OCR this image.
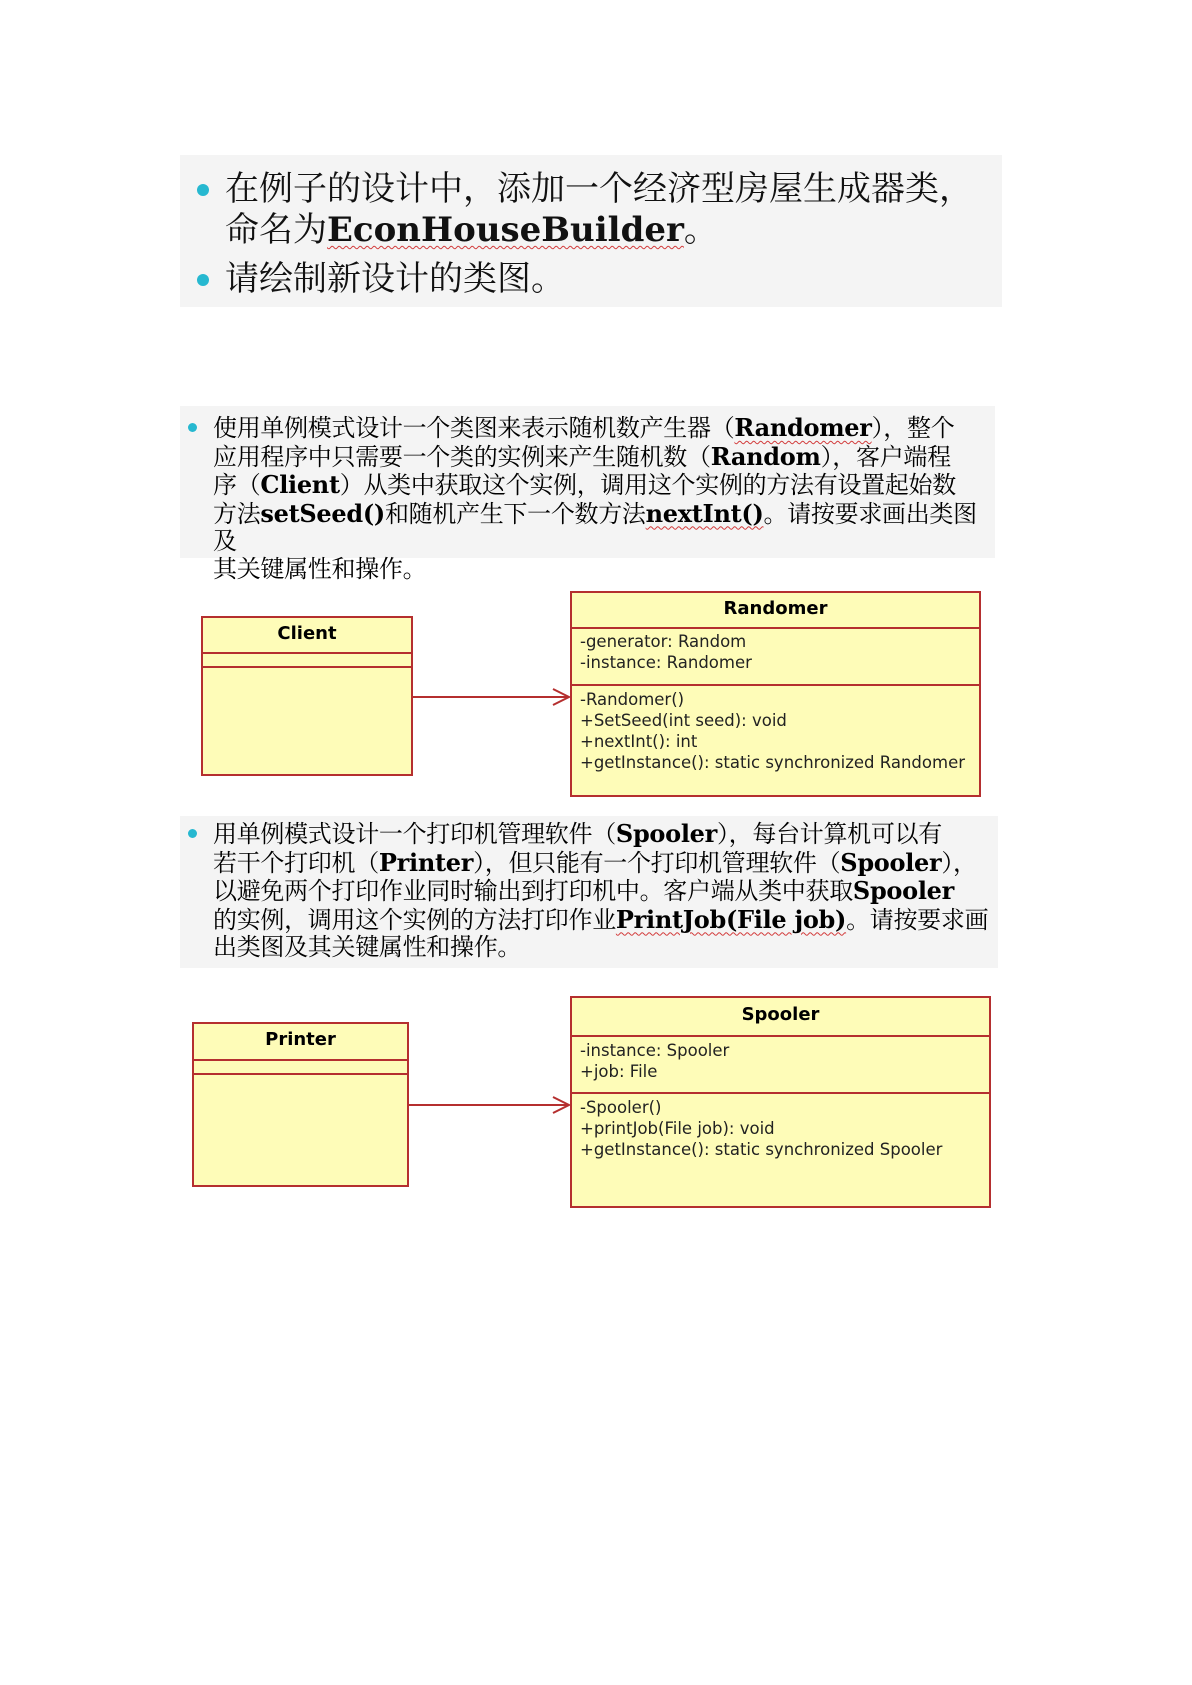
在例子的设计中，添加一个经济型房屋生成器类，
命名为EconHouseBuilder。
请绘制新设计的类图。
使用单例模式设计一个类图来表示随机数产生器（Randomer），整个
应用程序中只需要一个类的实例来产生随机数（Random），客户端程
序（Client）从类中获取这个实例，调用这个实例的方法有设置起始数
方法setSeed()和随机产生下一个数方法nextInt()。请按要求画出类图及
其关键属性和操作。
Client
Randomer
-generator: Random
-instance: Randomer
-Randomer()
+SetSeed(int seed): void
+nextInt(): int
+getInstance(): static synchronized Randomer
用单例模式设计一个打印机管理软件（Spooler），每台计算机可以有
若干个打印机（Printer），但只能有一个打印机管理软件（Spooler），
以避免两个打印作业同时输出到打印机中。客户端从类中获取Spooler
的实例，调用这个实例的方法打印作业PrintJob(File job)。请按要求画
出类图及其关键属性和操作。
Printer
Spooler
-instance: Spooler
+job: File
-Spooler()
+printJob(File job): void
+getInstance(): static synchronized Spooler
